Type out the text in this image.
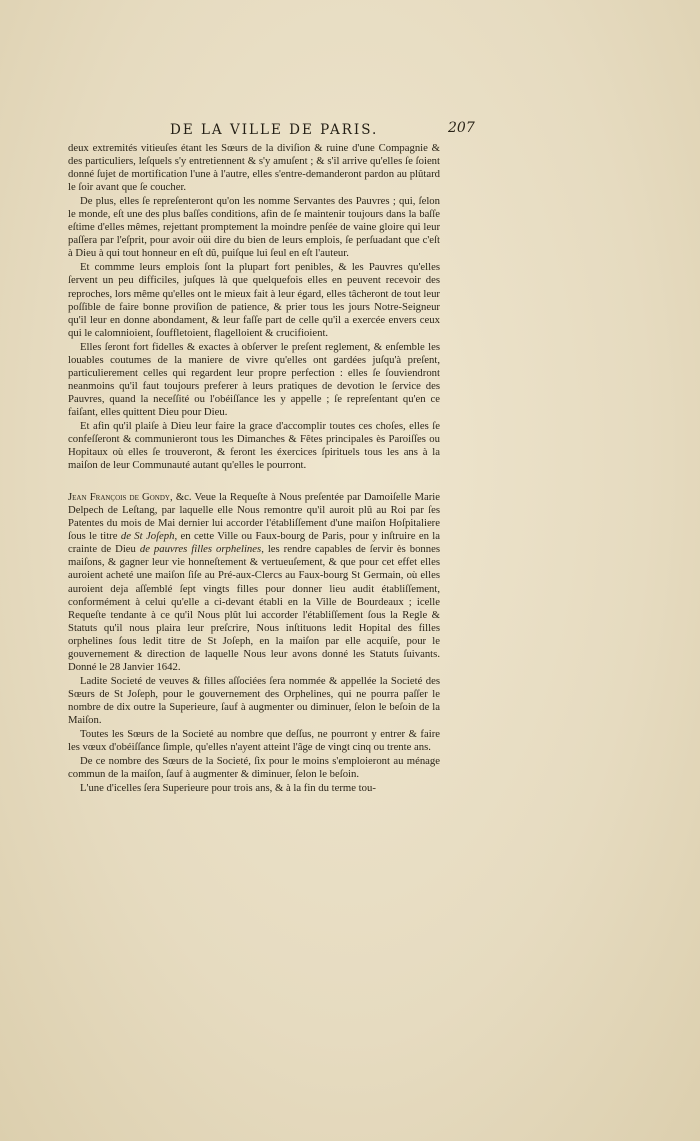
DE LA VILLE DE PARIS.	207

deux extremités vitieuſes étant les Sœurs de la diviſion & ruine d'une Compagnie & des particuliers, leſquels s'y entretiennent & s'y amuſent ; & s'il arrive qu'elles ſe ſoient donné ſujet de mortification l'une à l'autre, elles s'entre-demanderont pardon au plûtard le ſoir avant que ſe coucher.

De plus, elles ſe repreſenteront qu'on les nomme Servantes des Pauvres ; qui, ſelon le monde, eſt une des plus baſſes conditions, afin de ſe maintenir toujours dans la baſſe eſtime d'elles mêmes, rejettant promptement la moindre penſée de vaine gloire qui leur paſſera par l'eſprit, pour avoir oüi dire du bien de leurs emplois, ſe perſuadant que c'eſt à Dieu à qui tout honneur en eſt dû, puiſque lui ſeul en eſt l'auteur.

Et commme leurs emplois ſont la plupart fort penibles, & les Pauvres qu'elles ſervent un peu difficiles, juſques là que quelquefois elles en peuvent recevoir des reproches, lors même qu'elles ont le mieux fait à leur égard, elles tâcheront de tout leur poſſible de faire bonne proviſion de patience, & prier tous les jours Notre-Seigneur qu'il leur en donne abondament, & leur faſſe part de celle qu'il a exercée envers ceux qui le calomnioient, ſouffletoient, flagelloient & crucifioient.

Elles ſeront fort fidelles & exactes à obſerver le preſent reglement, & enſemble les louables coutumes de la maniere de vivre qu'elles ont gardées juſqu'à preſent, particulierement celles qui regardent leur propre perfection : elles ſe ſouviendront neanmoins qu'il faut toujours preferer à leurs pratiques de devotion le ſervice des Pauvres, quand la neceſſité ou l'obéiſſance les y appelle ; ſe repreſentant qu'en ce faiſant, elles quittent Dieu pour Dieu.

Et afin qu'il plaiſe à Dieu leur faire la grace d'accomplir toutes ces choſes, elles ſe confeſſeront & communieront tous les Dimanches & Fêtes principales ès Paroiſſes ou Hopitaux où elles ſe trouveront, & feront les éxercices ſpirituels tous les ans à la maiſon de leur Communauté autant qu'elles le pourront.

Jean François de Gondy, &c. Veue la Requeſte à Nous preſentée par Damoiſelle Marie Delpech de Leſtang, par laquelle elle Nous remontre qu'il auroit plû au Roi par ſes Patentes du mois de Mai dernier lui accorder l'établiſſement d'une maiſon Hoſpitaliere ſous le titre de St Joſeph, en cette Ville ou Faux-bourg de Paris, pour y inſtruire en la crainte de Dieu de pauvres filles orphelines, les rendre capables de ſervir ès bonnes maiſons, & gagner leur vie honneſtement & vertueuſement, & que pour cet effet elles auroient acheté une maiſon ſiſe au Pré-aux-Clercs au Faux-bourg St Germain, où elles auroient deja aſſemblé ſept vingts filles pour donner lieu audit établiſſement, conformément à celui qu'elle a ci-devant établi en la Ville de Bourdeaux ; icelle Requeſte tendante à ce qu'il Nous plût lui accorder l'établiſſement ſous la Regle & Statuts qu'il nous plaira leur preſcrire, Nous inſtituons ledit Hopital des filles orphelines ſous ledit titre de St Joſeph, en la maiſon par elle acquiſe, pour le gouvernement & direction de laquelle Nous leur avons donné les Statuts ſuivants. Donné le 28 Janvier 1642.

Ladite Societé de veuves & filles aſſociées ſera nommée & appellée la Societé des Sœurs de St Joſeph, pour le gouvernement des Orphelines, qui ne pourra paſſer le nombre de dix outre la Superieure, ſauf à augmenter ou diminuer, ſelon le beſoin de la Maiſon.

Toutes les Sœurs de la Societé au nombre que deſſus, ne pourront y entrer & faire les vœux d'obéiſſance ſimple, qu'elles n'ayent atteint l'âge de vingt cinq ou trente ans.

De ce nombre des Sœurs de la Societé, ſix pour le moins s'emploieront au ménage commun de la maiſon, ſauf à augmenter & diminuer, ſelon le beſoin.

L'une d'icelles ſera Superieure pour trois ans, & à la fin du terme tou-
